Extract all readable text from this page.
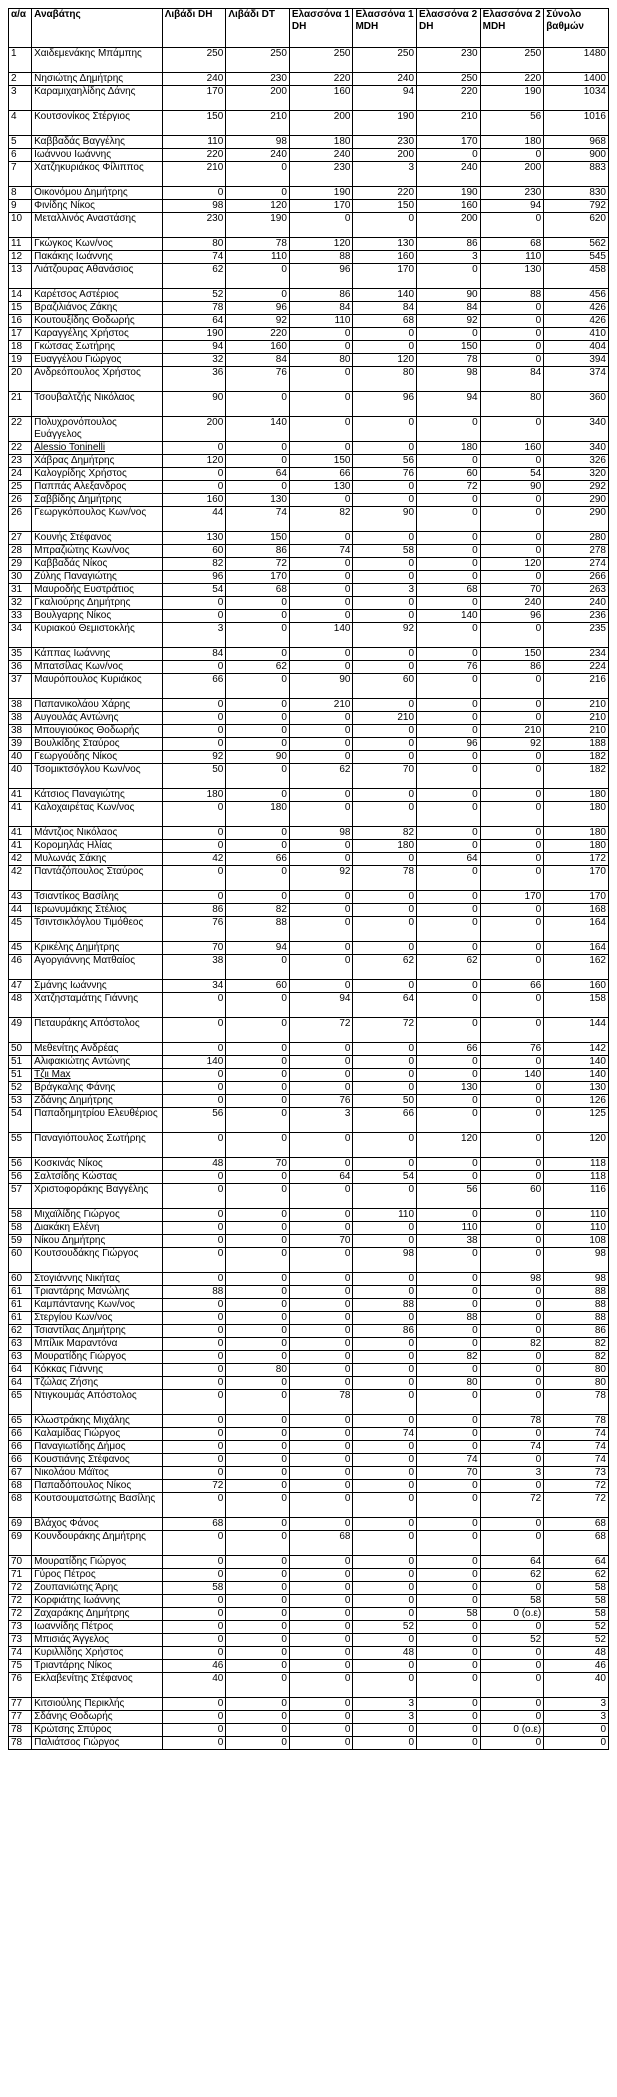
α/α	Αναβάτης	Λιβάδι DH	Λιβάδι DT	Ελασσόνα 1 DH	Ελασσόνα 1 MDH	Ελασσόνα 2 DH	Ελασσόνα 2 MDH	Σύνολο βαθμών
1	Χαιδεμενάκης Μπάμπης	250	250	250	250	230	250	1480
2	Νησιώτης Δημήτρης	240	230	220	240	250	220	1400
3	Καραμιχαηλίδης Δάνης	170	200	160	94	220	190	1034
4	Κουτσονίκος Στέργιος	150	210	200	190	210	56	1016
5	Καββαδάς Βαγγέλης	110	98	180	230	170	180	968
6	Ιωάννου Ιωάννης	220	240	240	200	0	0	900
7	Χατζηκυριάκος Φίλιππος	210	0	230	3	240	200	883
8	Οικονόμου Δημήτρης	0	0	190	220	190	230	830
9	Φινίδης Νίκος	98	120	170	150	160	94	792
10	Μεταλλινός Αναστάσης	230	190	0	0	200	0	620
11	Γκώγκος Κων/νος	80	78	120	130	86	68	562
12	Πακάκης Ιωάννης	74	110	88	160	3	110	545
13	Λιάτζουρας Αθανάσιος	62	0	96	170	0	130	458
14	Καρέτσος Αστέριος	52	0	86	140	90	88	456
15	Βραζιλιάνος Ζάκης	78	96	84	84	84	0	426
16	Κουτουξίδης Θοδωρής	64	92	110	68	92	0	426
17	Καραγγέλης Χρήστος	190	220	0	0	0	0	410
18	Γκώτσας Σωτήρης	94	160	0	0	150	0	404
19	Ευαγγέλου Γιώργος	32	84	80	120	78	0	394
20	Ανδρεόπουλος Χρήστος	36	76	0	80	98	84	374
21	Τσουβαλτζής Νικόλαος	90	0	0	96	94	80	360
22	Πολυχρονόπουλος Ευάγγελος	200	140	0	0	0	0	340
22	Alessio Toninelli	0	0	0	0	180	160	340
23	Χάβρας Δημήτρης	120	0	150	56	0	0	326
24	Καλογρίδης Χρήστος	0	64	66	76	60	54	320
25	Παππάς Αλεξανδρος	0	0	130	0	72	90	292
26	Σαββίδης Δημήτρης	160	130	0	0	0	0	290
26	Γεωργκόπουλος Κων/νος	44	74	82	90	0	0	290
27	Κουνής Στέφανος	130	150	0	0	0	0	280
28	Μπραζιώτης Κων/νος	60	86	74	58	0	0	278
29	Καββαδάς Νίκος	82	72	0	0	0	120	274
30	Ζύλης Παναγιώτης	96	170	0	0	0	0	266
31	Μαυροδής Ευστράτιος	54	68	0	3	68	70	263
32	Γκαλιούρης Δημήτρης	0	0	0	0	0	240	240
33	Βουλγαρης Νίκος	0	0	0	0	140	96	236
34	Κυριακού Θεμιστοκλής	3	0	140	92	0	0	235
35	Κάππας Ιωάννης	84	0	0	0	0	150	234
36	Μπατσίλας Κων/νος	0	62	0	0	76	86	224
37	Μαυρόπουλος Κυριάκος	66	0	90	60	0	0	216
38	Παπανικολάου Χάρης	0	0	210	0	0	0	210
38	Αυγουλάς Αντώνης	0	0	0	210	0	0	210
38	Μπουγιούκος Θοδωρής	0	0	0	0	0	210	210
39	Βουλκίδης Σταύρος	0	0	0	0	96	92	188
40	Γεωργούδης Νίκος	92	90	0	0	0	0	182
40	Τσομικτσόγλου Κων/νος	50	0	62	70	0	0	182
41	Κάτσιος Παναγιώτης	180	0	0	0	0	0	180
41	Καλοχαιρέτας Κων/νος	0	180	0	0	0	0	180
41	Μάντζιος Νικόλαος	0	0	98	82	0	0	180
41	Κορομηλάς Ηλίας	0	0	0	180	0	0	180
42	Μυλωνάς Σάκης	42	66	0	0	64	0	172
42	Παντάζόπουλος Σταύρος	0	0	92	78	0	0	170
43	Τσιαντίκος Βασίλης	0	0	0	0	0	170	170
44	Ιερωνυμάκης Στέλιος	86	82	0	0	0	0	168
45	Τσιντσικλόγλου Τιμόθεος	76	88	0	0	0	0	164
45	Κρικέλης Δημήτρης	70	94	0	0	0	0	164
46	Αγοργιάννης Ματθαίος	38	0	0	62	62	0	162
47	Σμάνης Ιωάννης	34	60	0	0	0	66	160
48	Χατζησταμάτης Γιάννης	0	0	94	64	0	0	158
49	Πεταυράκης Απόστολος	0	0	72	72	0	0	144
50	Μεθενίτης Ανδρέας	0	0	0	0	66	76	142
51	Αλιφακιώτης Αντώνης	140	0	0	0	0	0	140
51	Τζιι Max	0	0	0	0	0	140	140
52	Βράγκαλης Φάνης	0	0	0	0	130	0	130
53	Ζδάνης Δημήτρης	0	0	76	50	0	0	126
54	Παπαδημητρίου Ελευθέριος	56	0	3	66	0	0	125
55	Παναγιόπουλος Σωτήρης	0	0	0	0	120	0	120
56	Κοσκινάς Νίκος	48	70	0	0	0	0	118
56	Σαλτσίδης Κώστας	0	0	64	54	0	0	118
57	Χριστοφοράκης Βαγγέλης	0	0	0	0	56	60	116
58	Μιχαϊλίδης Γιώργος	0	0	0	110	0	0	110
58	Διακάκη Ελένη	0	0	0	0	110	0	110
59	Νίκου Δημήτρης	0	0	70	0	38	0	108
60	Κουτσουδάκης Γιώργος	0	0	0	98	0	0	98
60	Στογιάννης Νικήτας	0	0	0	0	0	98	98
61	Τριαντάρης Μανώλης	88	0	0	0	0	0	88
61	Καμπάντανης Κων/νος	0	0	0	88	0	0	88
61	Στεργίου Κων/νος	0	0	0	0	88	0	88
62	Τσιαντίλας Δημήτρης	0	0	0	86	0	0	86
63	Μπίλικ Μαραντόνα	0	0	0	0	0	82	82
63	Μουρατίδης Γιώργος	0	0	0	0	82	0	82
64	Κόκκας Γιάννης	0	80	0	0	0	0	80
64	Τζώλας Ζήσης	0	0	0	0	80	0	80
65	Ντιγκουμάς Απόστολος	0	0	78	0	0	0	78
65	Κλωστράκης Μιχάλης	0	0	0	0	0	78	78
66	Καλαμίδας Γιώργος	0	0	0	74	0	0	74
66	Παναγιωτίδης Δήμος	0	0	0	0	0	74	74
66	Κουστιάνης Στέφανος	0	0	0	0	74	0	74
67	Νικολάου Μάϊτος	0	0	0	0	70	3	73
68	Παπαδόπουλος Νίκος	72	0	0	0	0	0	72
68	Κουτσουματσώτης Βασίλης	0	0	0	0	0	72	72
69	Βλάχος Φάνος	68	0	0	0	0	0	68
69	Κουνδουράκης Δημήτρης	0	0	68	0	0	0	68
70	Μουρατίδης Γιώργος	0	0	0	0	0	64	64
71	Γύρος Πέτρος	0	0	0	0	0	62	62
72	Ζουπανιώτης Άρης	58	0	0	0	0	0	58
72	Κορφιάτης Ιωάννης	0	0	0	0	0	58	58
72	Ζαχαράκης Δημήτρης	0	0	0	0	58	0 (ο.ε)	58
73	Ιωαννίδης Πέτρος	0	0	0	52	0	0	52
73	Μπισιάς Άγγελος	0	0	0	0	0	52	52
74	Κυριλλίδης Χρήστος	0	0	0	48	0	0	48
75	Τριαντάρης Νίκος	46	0	0	0	0	0	46
76	Εκλαβενίτης Στέφανος	40	0	0	0	0	0	40
77	Κιτσιούλης Περικλής	0	0	0	3	0	0	3
77	Σδάνης Θοδωρής	0	0	0	3	0	0	3
78	Κρώτσης Σπύρος	0	0	0	0	0	0 (ο.ε)	0
78	Παλιάτσος Γιώργος	0	0	0	0	0	0	0
